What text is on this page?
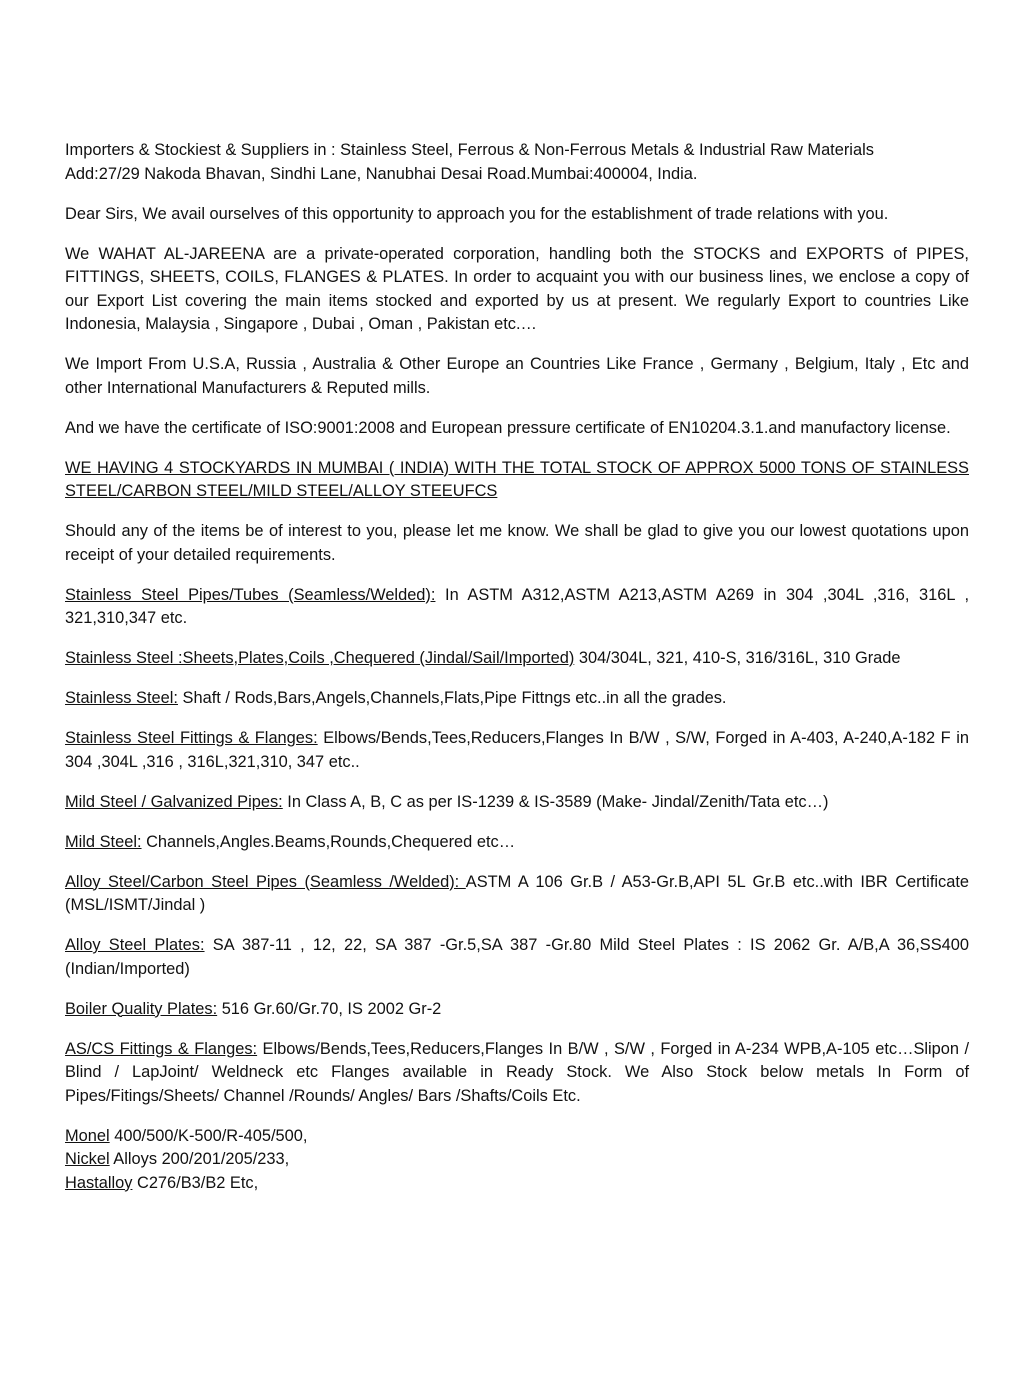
Importers & Stockiest & Suppliers in : Stainless Steel, Ferrous & Non-Ferrous Metals & Industrial Raw Materials
Add:27/29 Nakoda Bhavan, Sindhi Lane, Nanubhai Desai Road.Mumbai:400004, India.

Dear Sirs, We avail ourselves of this opportunity to approach you for the establishment of trade relations with you.

We WAHAT AL-JAREENA are a private-operated corporation, handling both the STOCKS and EXPORTS of PIPES, FITTINGS, SHEETS, COILS, FLANGES & PLATES. In order to acquaint you with our business lines, we enclose a copy of our Export List covering the main items stocked and exported by us at present. We regularly Export to countries Like Indonesia, Malaysia , Singapore , Dubai , Oman , Pakistan etc.…

We Import From U.S.A, Russia , Australia & Other Europe an Countries Like France , Germany , Belgium, Italy , Etc and other International Manufacturers & Reputed mills.

And we have the certificate of ISO:9001:2008 and European pressure certificate of EN10204.3.1.and manufactory license.

WE HAVING 4 STOCKYARDS IN MUMBAI ( INDIA) WITH THE TOTAL STOCK OF APPROX 5000 TONS OF STAINLESS STEEL/CARBON STEEL/MILD STEEL/ALLOY STEEUFCS

Should any of the items be of interest to you, please let me know. We shall be glad to give you our lowest quotations upon receipt of your detailed requirements.

Stainless Steel Pipes/Tubes (Seamless/Welded): In ASTM A312,ASTM A213,ASTM A269 in 304 ,304L ,316, 316L , 321,310,347 etc.

Stainless Steel :Sheets,Plates,Coils ,Chequered (Jindal/Sail/Imported) 304/304L, 321, 410-S, 316/316L, 310 Grade

Stainless Steel: Shaft / Rods,Bars,Angels,Channels,Flats,Pipe Fittngs etc..in all the grades.

Stainless Steel Fittings & Flanges: Elbows/Bends,Tees,Reducers,Flanges In B/W , S/W, Forged in A-403, A-240,A-182 F in 304 ,304L ,316 , 316L,321,310, 347 etc..

Mild Steel / Galvanized Pipes: In Class A, B, C as per IS-1239 & IS-3589 (Make- Jindal/Zenith/Tata etc…)

Mild Steel: Channels,Angles.Beams,Rounds,Chequered etc…

Alloy Steel/Carbon Steel Pipes (Seamless /Welded): ASTM A 106 Gr.B / A53-Gr.B,API 5L Gr.B etc..with IBR Certificate (MSL/ISMT/Jindal )

Alloy Steel Plates: SA 387-11 , 12, 22, SA 387 -Gr.5,SA 387 -Gr.80 Mild Steel Plates : IS 2062 Gr. A/B,A 36,SS400 (Indian/Imported)

Boiler Quality Plates: 516 Gr.60/Gr.70, IS 2002 Gr-2

AS/CS Fittings & Flanges: Elbows/Bends,Tees,Reducers,Flanges In B/W , S/W , Forged in A-234 WPB,A-105 etc…Slipon / Blind / LapJoint/ Weldneck etc Flanges available in Ready Stock. We Also Stock below metals In Form of Pipes/Fitings/Sheets/ Channel /Rounds/ Angles/ Bars /Shafts/Coils Etc.

Monel 400/500/K-500/R-405/500,

Nickel Alloys 200/201/205/233,

Hastalloy C276/B3/B2 Etc,
